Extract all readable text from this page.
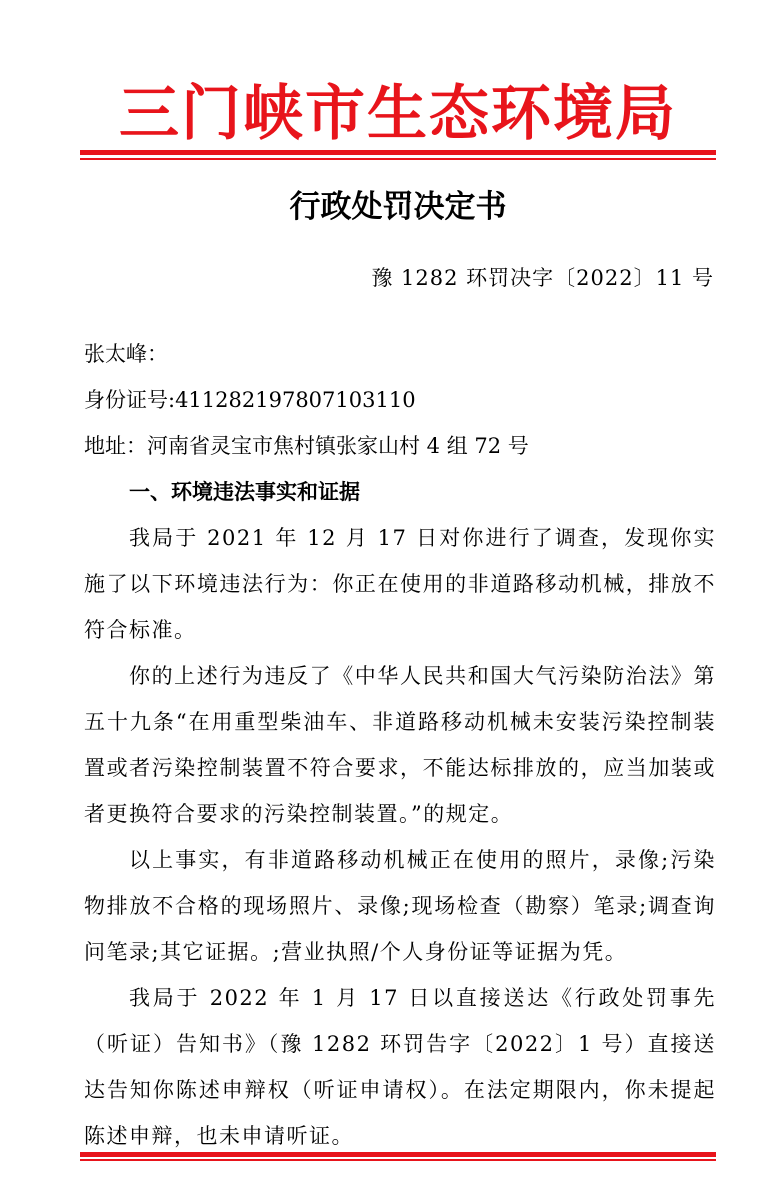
三门峡市生态环境局
行政处罚决定书
豫 1282 环罚决字〔2022〕11 号
张太峰：
身份证号:411282197807103110
地址：河南省灵宝市焦村镇张家山村 4 组 72 号
一、环境违法事实和证据

我局于 2021 年 12 月 17 日对你进行了调查，发现你实施了以下环境违法行为：你正在使用的非道路移动机械，排放不符合标准。

你的上述行为违反了《中华人民共和国大气污染防治法》第五十九条“在用重型柴油车、非道路移动机械未安装污染控制装置或者污染控制装置不符合要求，不能达标排放的，应当加装或者更换符合要求的污染控制装置。”的规定。

以上事实，有非道路移动机械正在使用的照片，录像;污染物排放不合格的现场照片、录像;现场检查（勘察）笔录;调查询问笔录;其它证据。;营业执照/个人身份证等证据为凭。

我局于 2022 年 1 月 17 日以直接送达《行政处罚事先（听证）告知书》（豫 1282 环罚告字〔2022〕1 号）直接送达告知你陈述申辩权（听证申请权）。在法定期限内，你未提起陈述申辩，也未申请听证。
